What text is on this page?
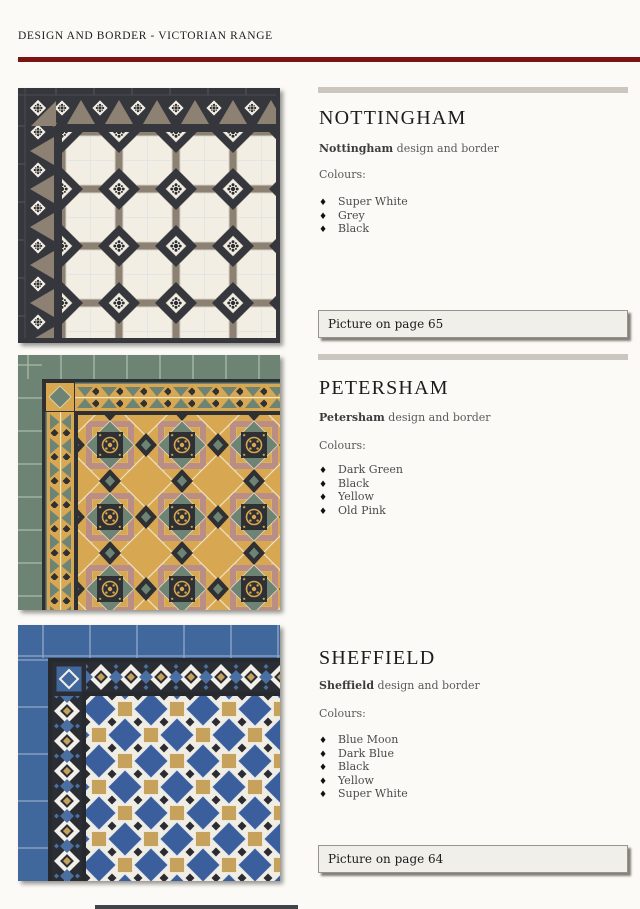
DESIGN AND BORDER - VICTORIAN RANGE
NOTTINGHAM
Nottingham design and border
Colours:
♦ Super White
♦ Grey
♦ Black
Picture on page 65
PETERSHAM
Petersham design and border
Colours:
♦ Dark Green
♦ Black
♦ Yellow
♦ Old Pink
SHEFFIELD
Sheffield design and border
Colours:
♦ Blue Moon
♦ Dark Blue
♦ Black
♦ Yellow
♦ Super White
Picture on page 64
